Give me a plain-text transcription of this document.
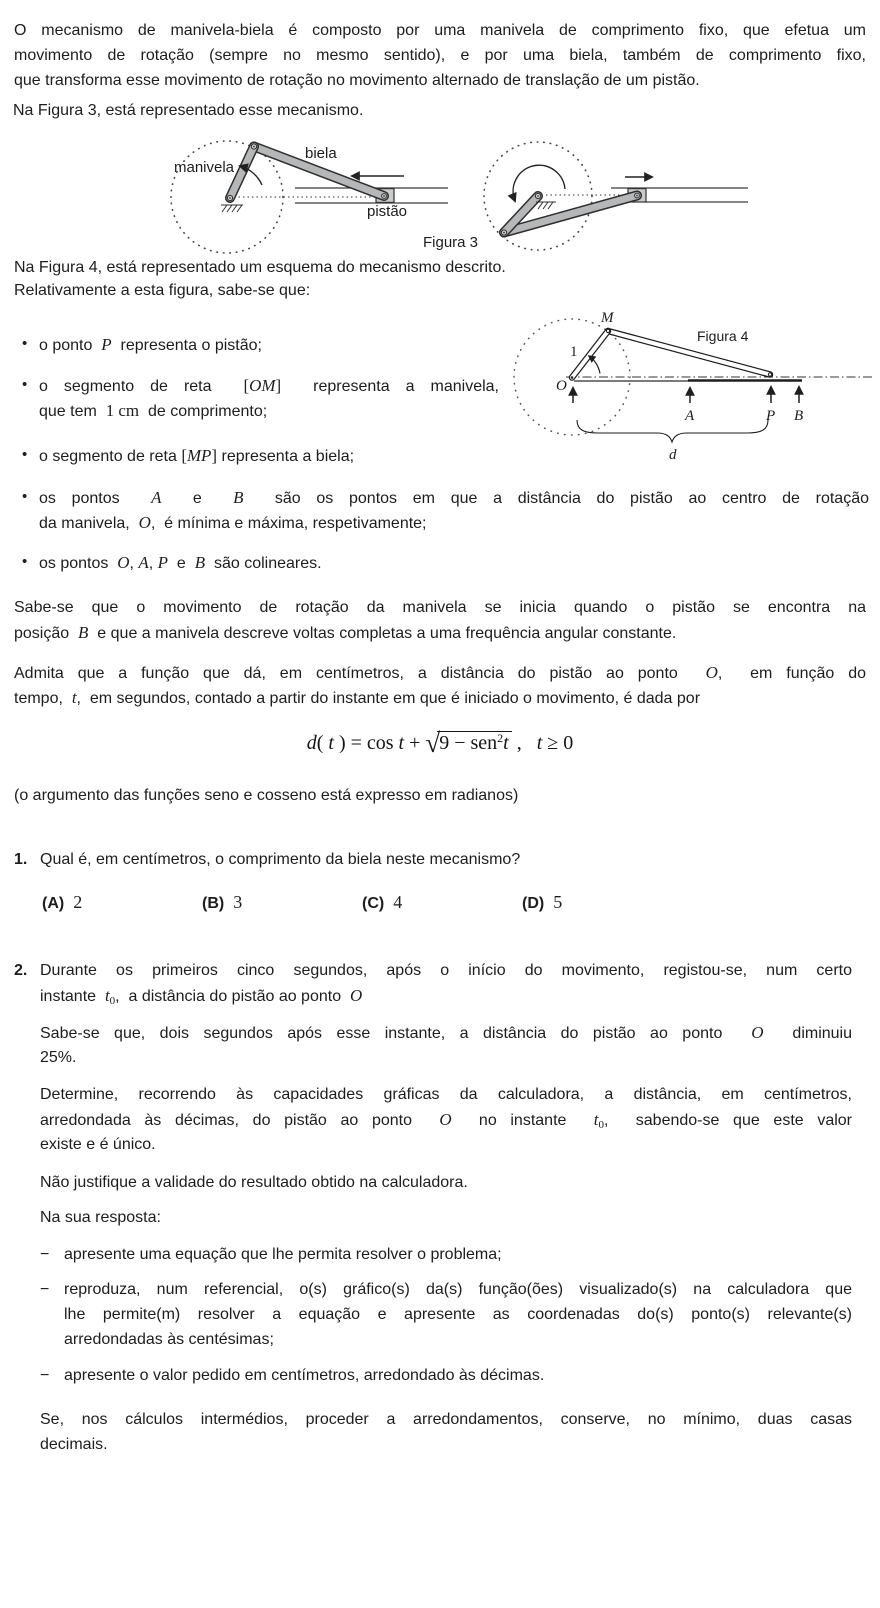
O mecanismo de manivela-biela é composto por uma manivela de comprimento fixo, que efetua um
movimento de rotação (sempre no mesmo sentido), e por uma biela, também de comprimento fixo,
que transforma esse movimento de rotação no movimento alternado de translação de um pistão.
Na Figura 3, está representado esse mecanismo.
manivela
biela
pistão
Figura 3
Na Figura 4, está representado um esquema do mecanismo descrito.
Relativamente a esta figura, sabe-se que:
M
1
O
A	P B
d
Figura 4
• o ponto  P  representa o pistão;
• o segmento de reta  [OM]  representa a manivela,
que tem  1 cm  de comprimento;
• o segmento de reta [MP] representa a biela;
• os pontos  A  e  B  são os pontos em que a distância do pistão ao centro de rotação
da manivela,  O,  é mínima e máxima, respetivamente;
• os pontos  O, A, P  e  B  são colineares.
Sabe-se que o movimento de rotação da manivela se inicia quando o pistão se encontra na
posição  B  e que a manivela descreve voltas completas a uma frequência angular constante.
Admita que a função que dá, em centímetros, a distância do pistão ao ponto  O,  em função do
tempo,  t,  em segundos, contado a partir do instante em que é iniciado o movimento, é dada por
d( t ) = cos t + √9 − sen$^2$t ,   t ≥ 0
(o argumento das funções seno e cosseno está expresso em radianos)
1. Qual é, em centímetros, o comprimento da biela neste mecanismo?
(A) 2	(B) 3	(C) 4	(D) 5
2. Durante os primeiros cinco segundos, após o início do movimento, registou-se, num certo
instante  t0,  a distância do pistão ao ponto  O
Sabe-se que, dois segundos após esse instante, a distância do pistão ao ponto  O  diminuiu
25%.
Determine, recorrendo às capacidades gráficas da calculadora, a distância, em centímetros,
arredondada às décimas, do pistão ao ponto  O  no instante  t0,  sabendo-se que este valor
existe e é único.
Não justifique a validade do resultado obtido na calculadora.
Na sua resposta:
− apresente uma equação que lhe permita resolver o problema;
− reproduza, num referencial, o(s) gráfico(s) da(s) função(ões) visualizado(s) na calculadora que
lhe permite(m) resolver a equação e apresente as coordenadas do(s) ponto(s) relevante(s)
arredondadas às centésimas;
− apresente o valor pedido em centímetros, arredondado às décimas.
Se, nos cálculos intermédios, proceder a arredondamentos, conserve, no mínimo, duas casas
decimais.
